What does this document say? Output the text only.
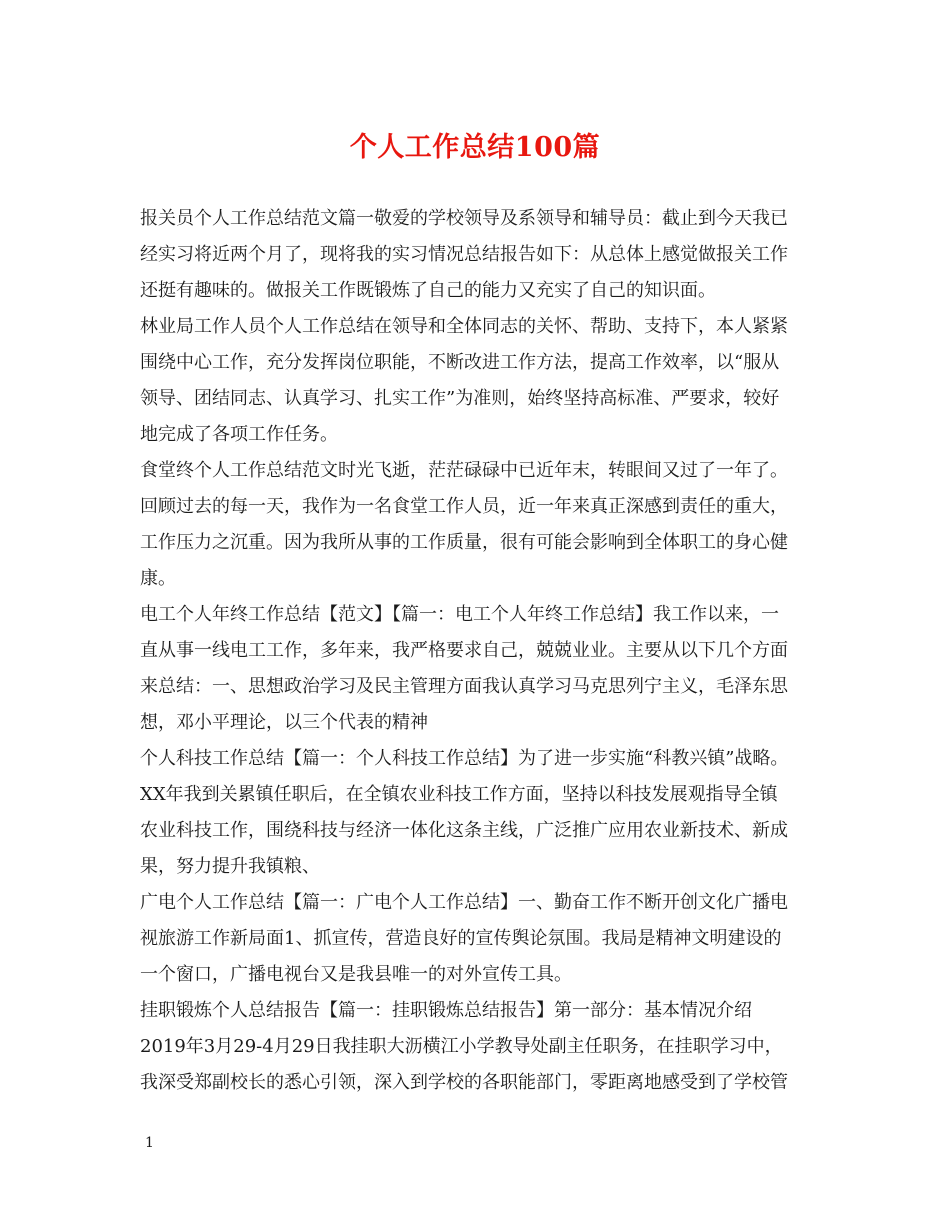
个人工作总结100篇
报关员个人工作总结范文篇一敬爱的学校领导及系领导和辅导员：截止到今天我已
经实习将近两个月了，现将我的实习情况总结报告如下：从总体上感觉做报关工作
还挺有趣味的。做报关工作既锻炼了自己的能力又充实了自己的知识面。
林业局工作人员个人工作总结在领导和全体同志的关怀、帮助、支持下，本人紧紧
围绕中心工作，充分发挥岗位职能，不断改进工作方法，提高工作效率，以“服从
领导、团结同志、认真学习、扎实工作”为准则，始终坚持高标准、严要求，较好
地完成了各项工作任务。
食堂终个人工作总结范文时光飞逝，茫茫碌碌中已近年末，转眼间又过了一年了。
回顾过去的每一天，我作为一名食堂工作人员，近一年来真正深感到责任的重大，
工作压力之沉重。因为我所从事的工作质量，很有可能会影响到全体职工的身心健
康。
电工个人年终工作总结【范文】【篇一：电工个人年终工作总结】我工作以来，一
直从事一线电工工作，多年来，我严格要求自己，兢兢业业。主要从以下几个方面
来总结：一、思想政治学习及民主管理方面我认真学习马克思列宁主义，毛泽东思
想，邓小平理论，以三个代表的精神
个人科技工作总结【篇一：个人科技工作总结】为了进一步实施“科教兴镇”战略。
XX年我到关累镇任职后，在全镇农业科技工作方面，坚持以科技发展观指导全镇
农业科技工作，围绕科技与经济一体化这条主线，广泛推广应用农业新技术、新成
果，努力提升我镇粮、
广电个人工作总结【篇一：广电个人工作总结】一、勤奋工作不断开创文化广播电
视旅游工作新局面1、抓宣传，营造良好的宣传舆论氛围。我局是精神文明建设的
一个窗口，广播电视台又是我县唯一的对外宣传工具。
挂职锻炼个人总结报告【篇一：挂职锻炼总结报告】第一部分：基本情况介绍
2019年3月29-4月29日我挂职大沥横江小学教导处副主任职务，在挂职学习中，
我深受郑副校长的悉心引领，深入到学校的各职能部门，零距离地感受到了学校管
1
